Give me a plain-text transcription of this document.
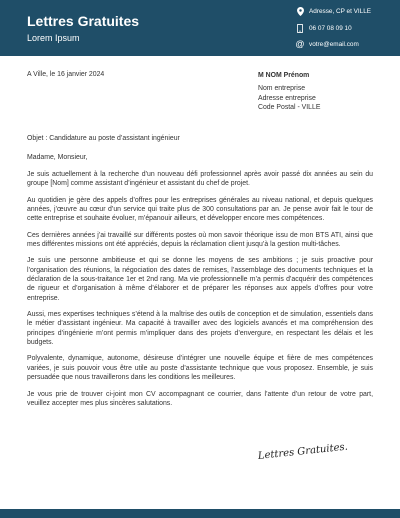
Lettres Gratuites
Lorem Ipsum
Adresse, CP et VILLE
06 07 08 09 10
@ votre@email.com
A Ville, le 16 janvier 2024	M NOM Prénom
Nom entreprise
Adresse entreprise
Code Postal - VILLE

Objet : Candidature au poste d’assistant ingénieur

Madame, Monsieur,

Je suis actuellement à la recherche d’un nouveau défi professionnel après avoir passé dix années au sein du groupe [Nom] comme assistant d’ingénieur et assistant du chef de projet.

Au quotidien je gère des appels d’offres pour les entreprises générales au niveau national, et depuis quelques années, j’œuvre au cœur d’un service qui traite plus de 300 consultations par an. Je pense avoir fait le tour de cette entreprise et souhaite évoluer, m’épanouir ailleurs, et développer encore mes compétences.

Ces dernières années j’ai travaillé sur différents postes où mon savoir théorique issu de mon BTS ATI, ainsi que mes différentes missions ont été appréciés, depuis la réclamation client jusqu’à la gestion multi-tâches.

Je suis une personne ambitieuse et qui se donne les moyens de ses ambitions ; je suis proactive pour l’organisation des réunions, la négociation des dates de remises, l’assemblage des documents techniques et la déclaration de la sous-traitance 1er et 2nd rang. Ma vie professionnelle m’a permis d’acquérir des compétences de rigueur et d’organisation à même d’élaborer et de préparer les réponses aux appels d’offres pour votre entreprise.

Aussi, mes expertises techniques s’étend à la maîtrise des outils de conception et de simulation, essentiels dans le métier d’assistant ingénieur. Ma capacité à travailler avec des logiciels avancés et ma compréhension des principes d’ingénierie m’ont permis m’impliquer dans des projets d’envergure, en respectant les délais et les budgets.

Polyvalente, dynamique, autonome, désireuse d’intégrer une nouvelle équipe et fière de mes compétences variées, je suis pouvoir vous être utile au poste d’assistante technique que vous proposez. Ensemble, je suis persuadée que nous travaillerons dans les conditions les meilleures.

Je vous prie de trouver ci-joint mon CV accompagnant ce courrier, dans l’attente d’un retour de votre part, veuillez accepter mes plus sincères salutations.

Lettres Gratuites.
